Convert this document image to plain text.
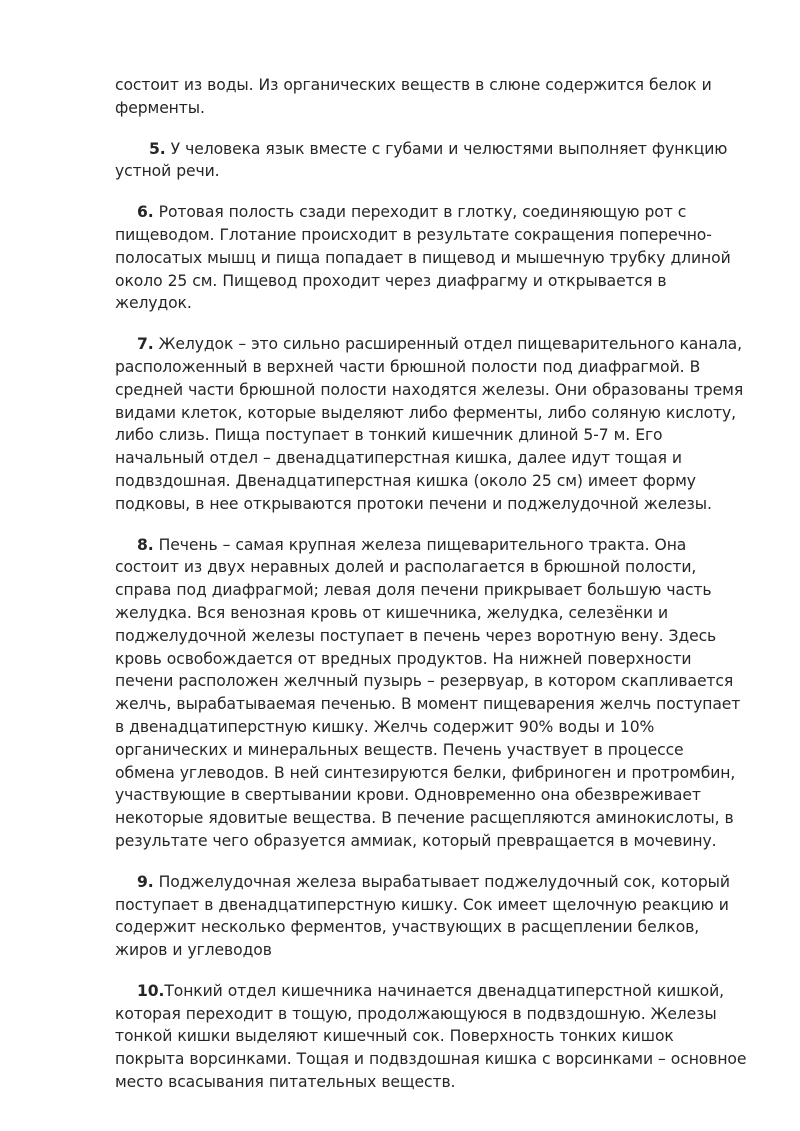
состоит из воды. Из органических веществ в слюне содержится белок и ферменты.

5. У человека язык вместе с губами и челюстями выполняет функцию устной речи.

6. Ротовая полость сзади переходит в глотку, соединяющую рот с пищеводом. Глотание происходит в результате сокращения поперечно-полосатых мышц и пища попадает в пищевод и мышечную трубку длиной около 25 см. Пищевод проходит через диафрагму и открывается в желудок.

7. Желудок – это сильно расширенный отдел пищеварительного канала, расположенный в верхней части брюшной полости под диафрагмой. В средней части брюшной полости находятся железы. Они образованы тремя видами клеток, которые выделяют либо ферменты, либо соляную кислоту, либо слизь. Пища поступает в тонкий кишечник длиной 5-7 м. Его начальный отдел – двенадцатиперстная кишка, далее идут тощая и подвздошная. Двенадцатиперстная кишка (около 25 см) имеет форму подковы, в нее открываются протоки печени и поджелудочной железы.

8. Печень – самая крупная железа пищеварительного тракта. Она состоит из двух неравных долей и располагается в брюшной полости, справа под диафрагмой; левая доля печени прикрывает большую часть желудка. Вся венозная кровь от кишечника, желудка, селезёнки и поджелудочной железы поступает в печень через воротную вену. Здесь кровь освобождается от вредных продуктов. На нижней поверхности печени расположен желчный пузырь – резервуар, в котором скапливается желчь, вырабатываемая печенью. В момент пищеварения желчь поступает в двенадцатиперстную кишку. Желчь содержит 90% воды и 10% органических и минеральных веществ. Печень участвует в процессе обмена углеводов. В ней синтезируются белки, фибриноген и протромбин, участвующие в свертывании крови. Одновременно она обезвреживает некоторые ядовитые вещества. В печение расщепляются аминокислоты, в результате чего образуется аммиак, который превращается в мочевину.

9. Поджелудочная железа вырабатывает поджелудочный сок, который поступает в двенадцатиперстную кишку. Сок имеет щелочную реакцию и содержит несколько ферментов, участвующих в расщеплении белков, жиров и углеводов

10.Тонкий отдел кишечника начинается двенадцатиперстной кишкой, которая переходит в тощую, продолжающуюся в подвздошную. Железы тонкой кишки выделяют кишечный сок. Поверхность тонких кишок покрыта ворсинками. Тощая и подвздошная кишка с ворсинками – основное место всасывания питательных веществ.
